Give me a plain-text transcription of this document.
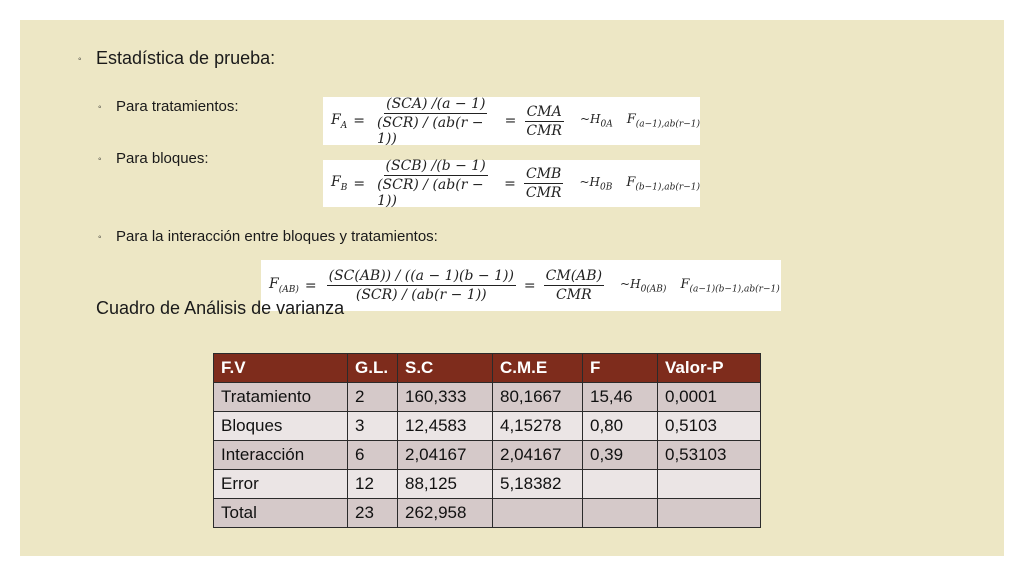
◦ Estadística de prueba:
◦ Para tratamientos:
◦ Para bloques:
◦ Para la interacción entre bloques y tratamientos:
$F_A = \frac{\text{(SCA) /(a − 1)}}{\text{(SCR) / (ab(r − 1))}} = \frac{\text{CMA}}{\text{CMR}}$ $\sim H_{0A}$ $F_{(a-1),ab(r-1)}$
$F_B = \frac{\text{(SCB) /(b − 1)}}{\text{(SCR) / (ab(r − 1))}} = \frac{\text{CMB}}{\text{CMR}}$ $\sim H_{0B}$ $F_{(b-1),ab(r-1)}$
$F_{(AB)} = \frac{(SC(AB)) / ((a - 1)(b - 1))}{\text{(SCR) / (ab(r − 1))}} = \frac{CM(AB)}{\text{CMR}}$ $\sim H_{0(AB)}$ $F_{(a-1)(b-1),ab(r-1)}$
Cuadro de Análisis de varianza
F.V	G.L.	S.C	C.M.E	F	Valor-P
Tratamiento	2	160,333	80,1667	15,46	0,0001
Bloques	3	12,4583	4,15278	0,80	0,5103
Interacción	6	2,04167	2,04167	0,39	0,53103
Error	12	88,125	5,18382		
Total	23	262,958			
